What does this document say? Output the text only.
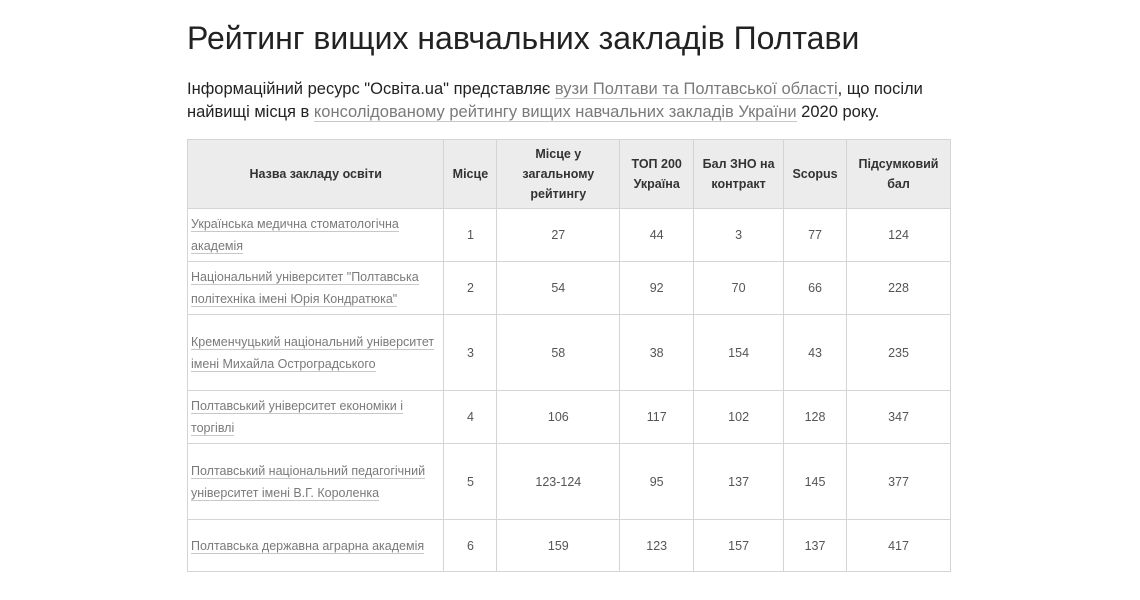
Рейтинг вищих навчальних закладів Полтави

Інформаційний ресурс "Освіта.ua" представляє вузи Полтави та Полтавської області, що посіли найвищі місця в консолідованому рейтингу вищих навчальних закладів України 2020 року.

Назва закладу освіти	Місце	Місце у загальному рейтингу	ТОП 200 Україна	Бал ЗНО на контракт	Scopus	Підсумковий бал
Українська медична стоматологічна академія	1	27	44	3	77	124
Національний університет "Полтавська політехніка імені Юрія Кондратюка"	2	54	92	70	66	228
Кременчуцький національний університет імені Михайла Остроградського	3	58	38	154	43	235
Полтавський університет економіки і торгівлі	4	106	117	102	128	347
Полтавський національний педагогічний університет імені В.Г. Короленка	5	123-124	95	137	145	377
Полтавська державна аграрна академія	6	159	123	157	137	417
